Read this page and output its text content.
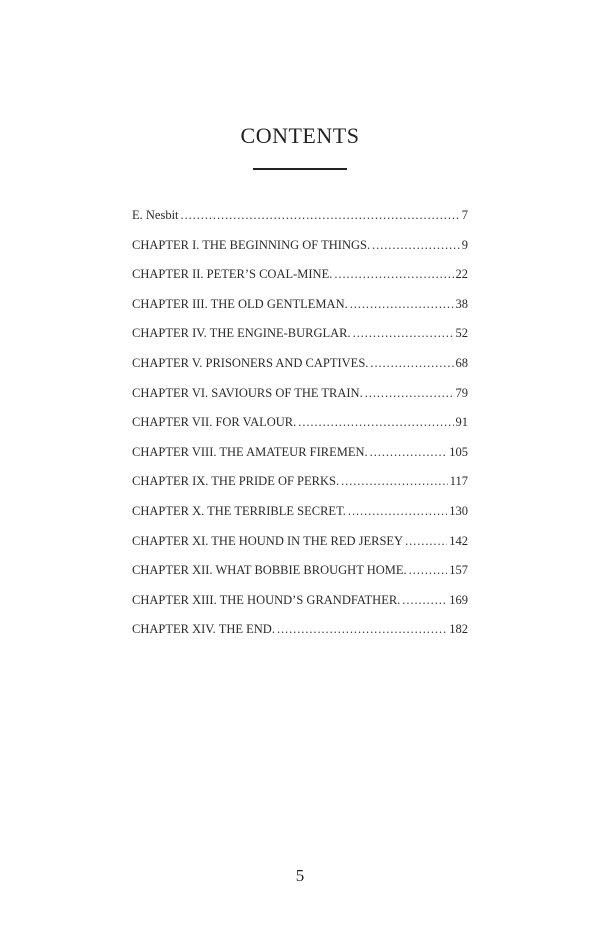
CONTENTS
E. Nesbit . . .	7
CHAPTER I. THE BEGINNING OF THINGS. . . .	9
CHAPTER II. PETER’S COAL-MINE. . . .	22
CHAPTER III. THE OLD GENTLEMAN. . . .	38
CHAPTER IV. THE ENGINE-BURGLAR. . . .	52
CHAPTER V. PRISONERS AND CAPTIVES. . . .	68
CHAPTER VI. SAVIOURS OF THE TRAIN. . . .	79
CHAPTER VII. FOR VALOUR. . . .	91
CHAPTER VIII. THE AMATEUR FIREMEN. . . .	105
CHAPTER IX. THE PRIDE OF PERKS. . . .	117
CHAPTER X. THE TERRIBLE SECRET. . . .	130
CHAPTER XI. THE HOUND IN THE RED JERSEY . . .	142
CHAPTER XII. WHAT BOBBIE BROUGHT HOME. . . .	157
CHAPTER XIII. THE HOUND’S GRANDFATHER. . . .	169
CHAPTER XIV. THE END. . . .	182
5
